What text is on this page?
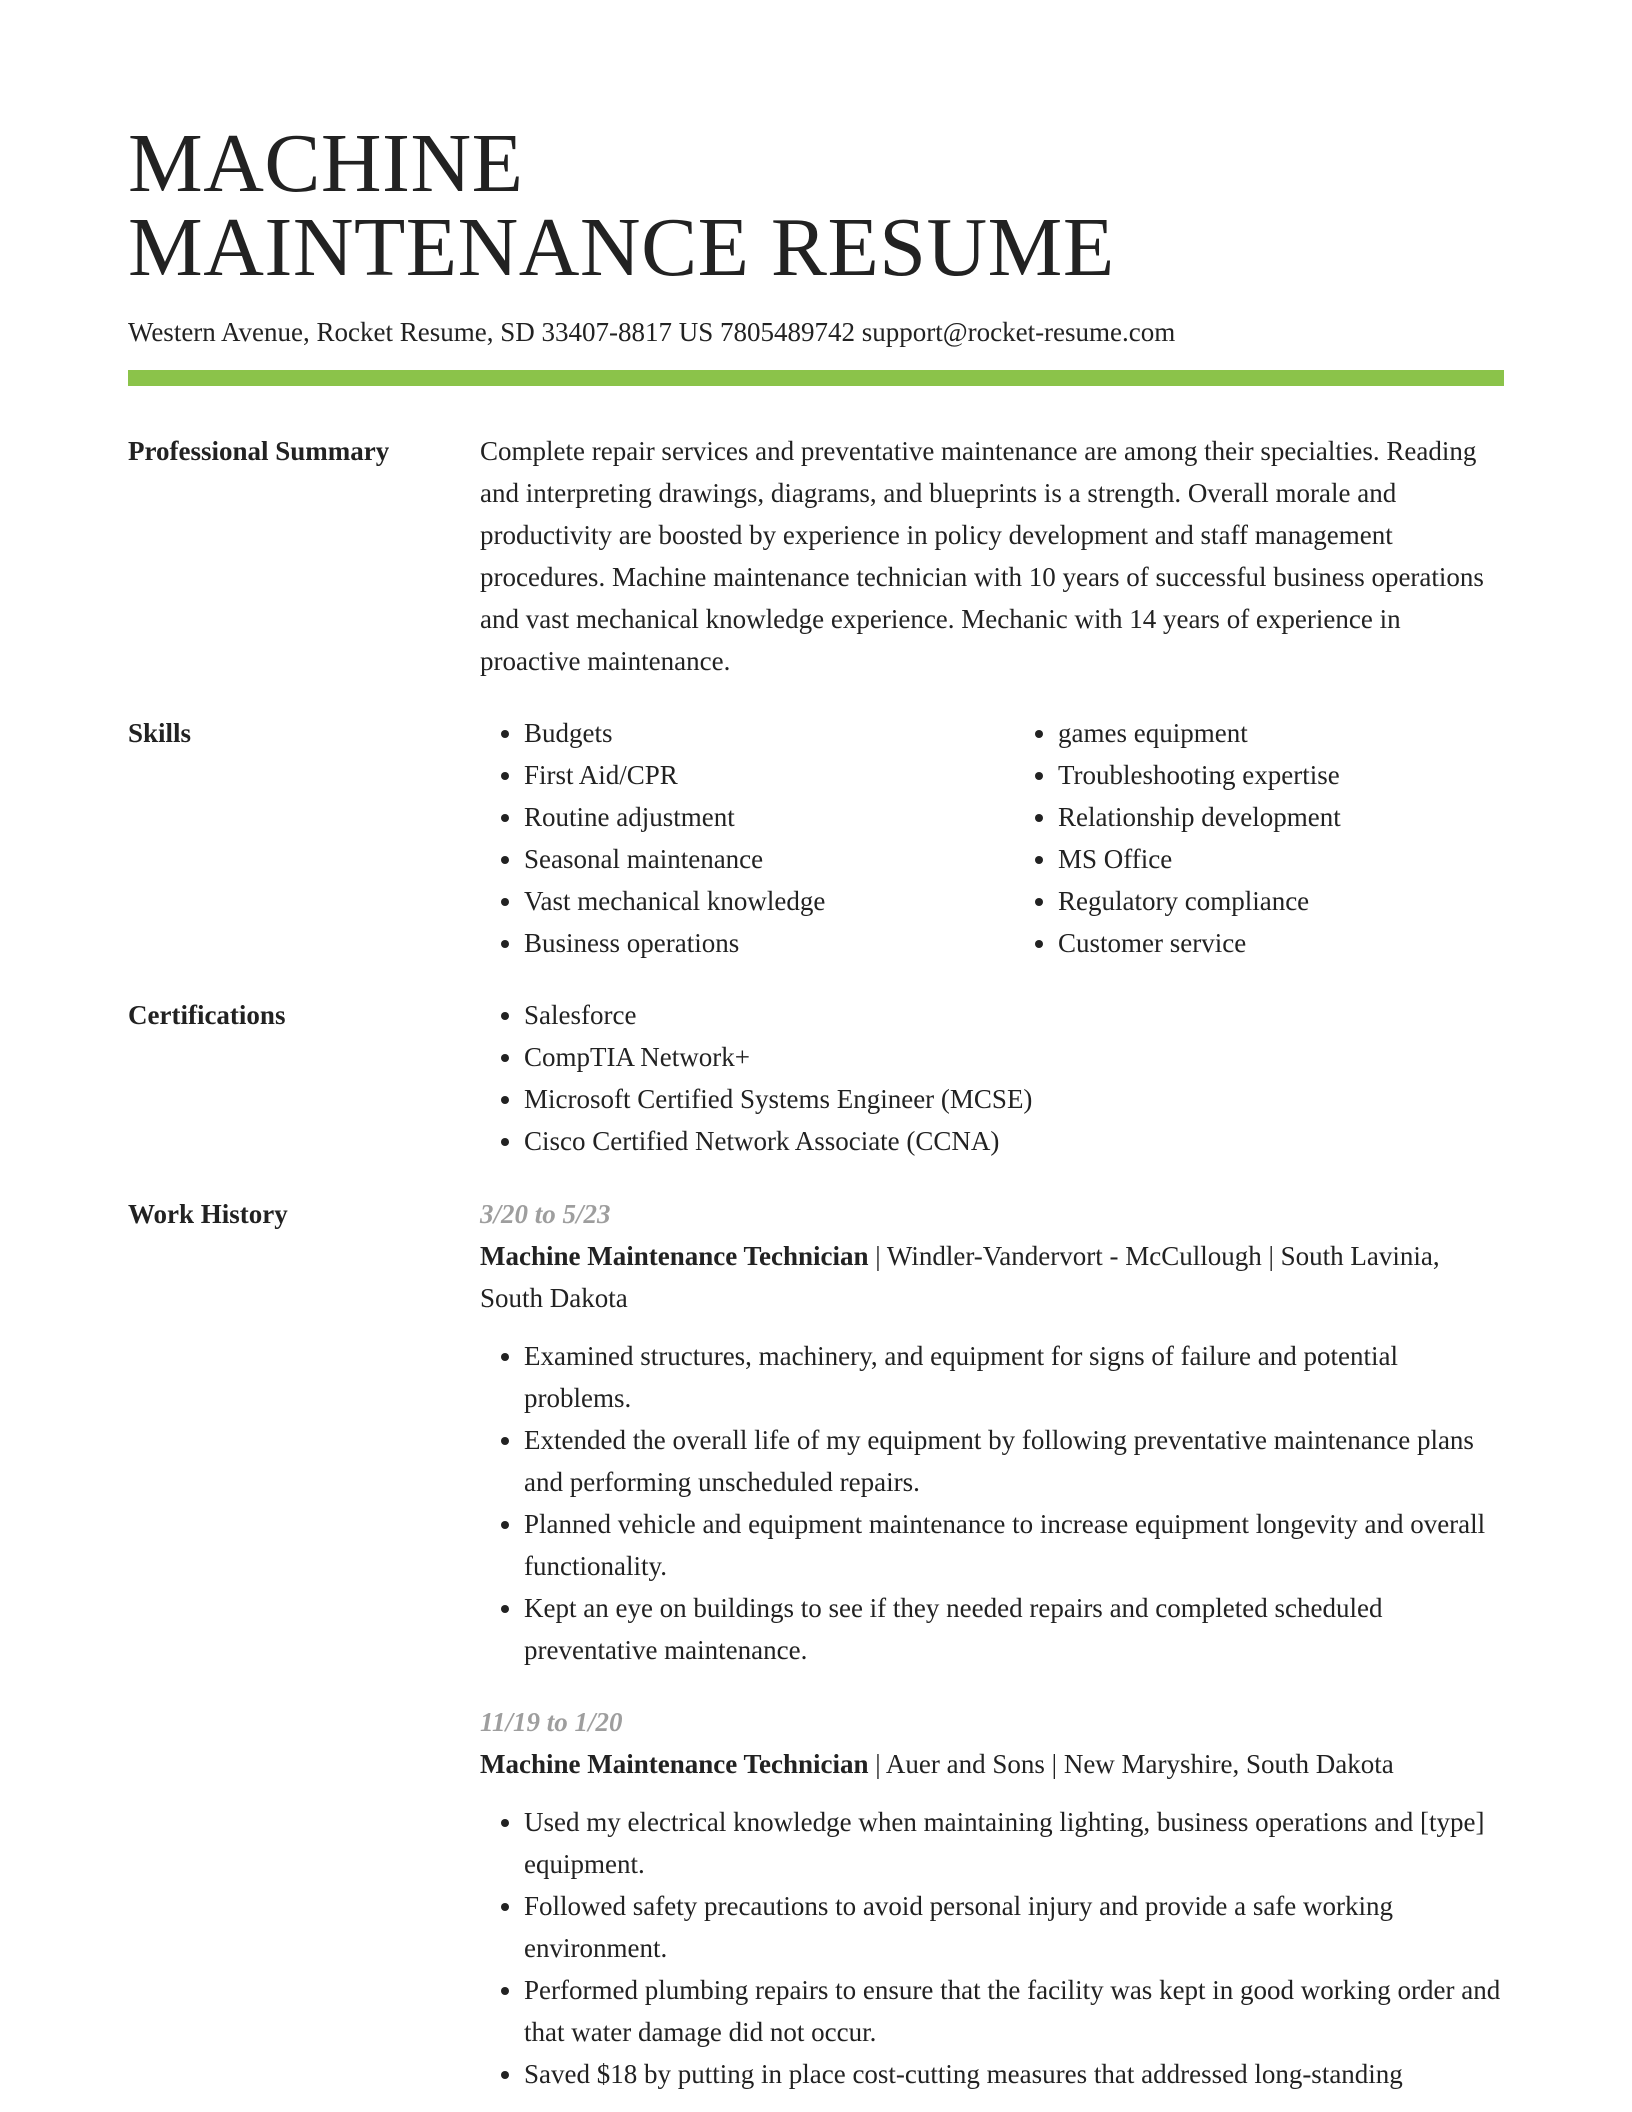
MACHINE
MAINTENANCE RESUME
Western Avenue, Rocket Resume, SD 33407-8817 US 7805489742 support@rocket-resume.com
Professional Summary	Complete repair services and preventative maintenance are among their specialties. Reading and interpreting drawings, diagrams, and blueprints is a strength. Overall morale and productivity are boosted by experience in policy development and staff management procedures. Machine maintenance technician with 10 years of successful business operations and vast mechanical knowledge experience. Mechanic with 14 years of experience in proactive maintenance.

Skills	• Budgets
• First Aid/CPR
• Routine adjustment
• Seasonal maintenance
• Vast mechanical knowledge
• Business operations
• games equipment
• Troubleshooting expertise
• Relationship development
• MS Office
• Regulatory compliance
• Customer service
Certifications	• Salesforce
• CompTIA Network+
• Microsoft Certified Systems Engineer (MCSE)
• Cisco Certified Network Associate (CCNA)
Work History	3/20 to 5/23

Machine Maintenance Technician | Windler-Vandervort - McCullough | South Lavinia, South Dakota

• Examined structures, machinery, and equipment for signs of failure and potential problems.
• Extended the overall life of my equipment by following preventative maintenance plans and performing unscheduled repairs.
• Planned vehicle and equipment maintenance to increase equipment longevity and overall functionality.
• Kept an eye on buildings to see if they needed repairs and completed scheduled preventative maintenance.
11/19 to 1/20

Machine Maintenance Technician | Auer and Sons | New Maryshire, South Dakota

• Used my electrical knowledge when maintaining lighting, business operations and [type] equipment.
• Followed safety precautions to avoid personal injury and provide a safe working environment.
• Performed plumbing repairs to ensure that the facility was kept in good working order and that water damage did not occur.
• Saved $18 by putting in place cost-cutting measures that addressed long-standing
